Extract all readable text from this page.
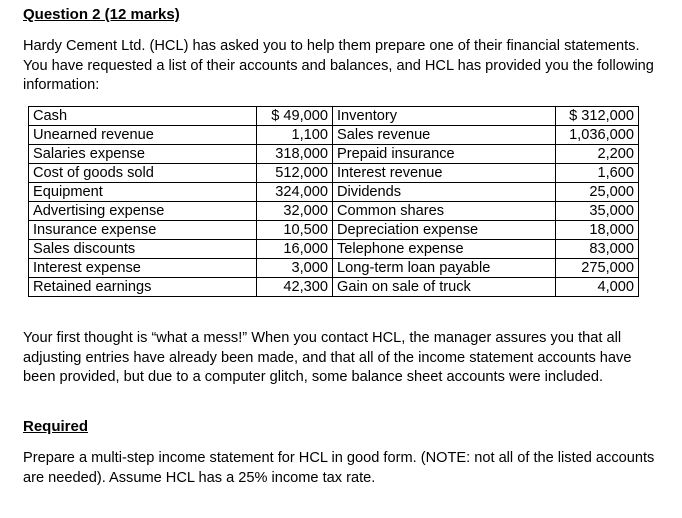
Question 2 (12 marks)

Hardy Cement Ltd. (HCL) has asked you to help them prepare one of their financial statements. You have requested a list of their accounts and balances, and HCL has provided you the following information:

Cash	$ 49,000	Inventory	$ 312,000
Unearned revenue	1,100	Sales revenue	1,036,000
Salaries expense	318,000	Prepaid insurance	2,200
Cost of goods sold	512,000	Interest revenue	1,600
Equipment	324,000	Dividends	25,000
Advertising expense	32,000	Common shares	35,000
Insurance expense	10,500	Depreciation expense	18,000
Sales discounts	16,000	Telephone expense	83,000
Interest expense	3,000	Long-term loan payable	275,000
Retained earnings	42,300	Gain on sale of truck	4,000

Your first thought is “what a mess!” When you contact HCL, the manager assures you that all adjusting entries have already been made, and that all of the income statement accounts have been provided, but due to a computer glitch, some balance sheet accounts were included.

Required

Prepare a multi-step income statement for HCL in good form. (NOTE: not all of the listed accounts are needed). Assume HCL has a 25% income tax rate.
